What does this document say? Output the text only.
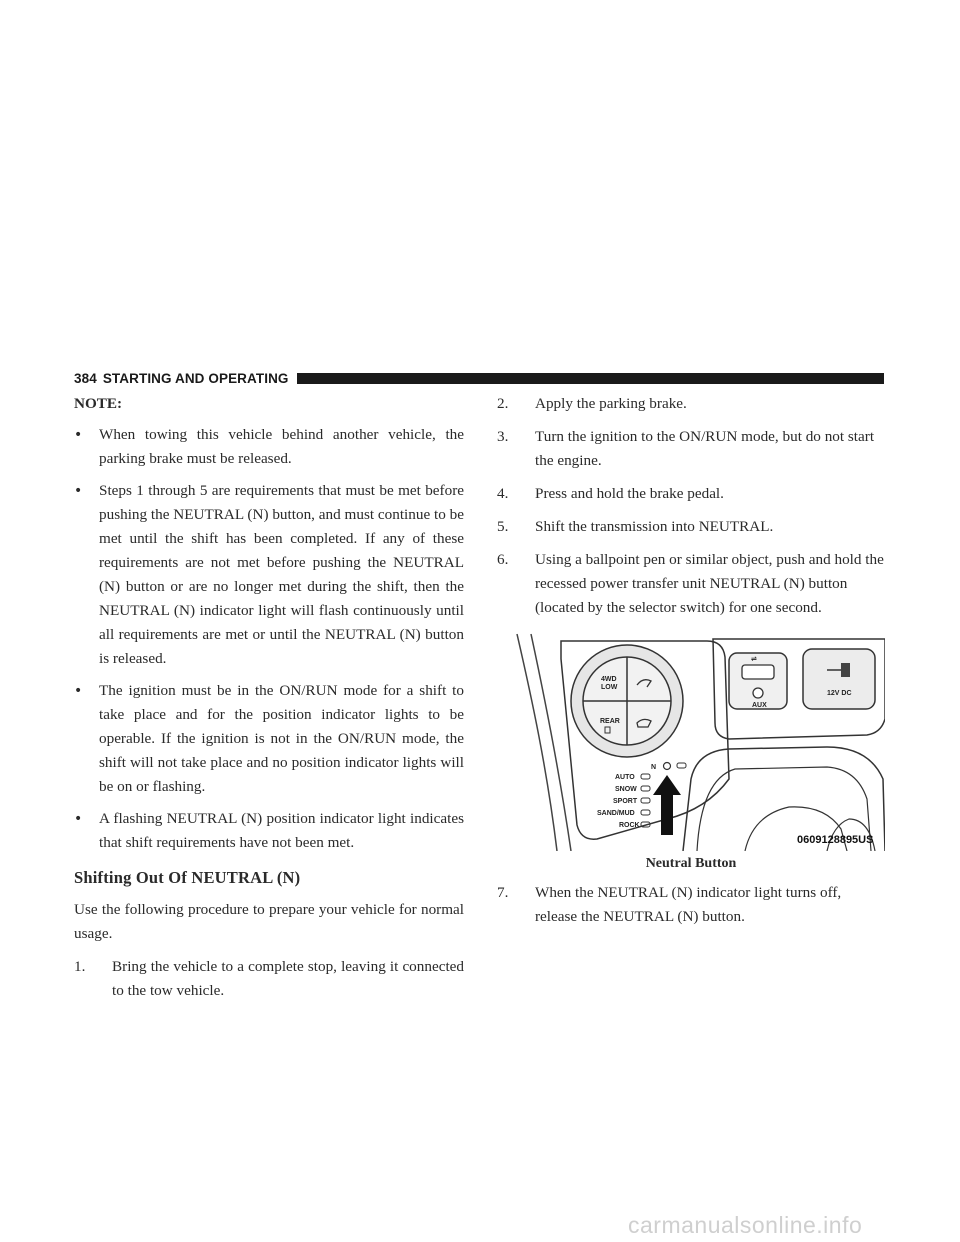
384 STARTING AND OPERATING

NOTE:

•	When towing this vehicle behind another vehicle, the parking brake must be released.
•	Steps 1 through 5 are requirements that must be met before pushing the NEUTRAL (N) button, and must continue to be met until the shift has been completed. If any of these requirements are not met before pushing the NEUTRAL (N) button or are no longer met during the shift, then the NEUTRAL (N) indicator light will flash continuously until all requirements are met or until the NEUTRAL (N) button is released.
•	The ignition must be in the ON/RUN mode for a shift to take place and for the position indicator lights to be operable. If the ignition is not in the ON/RUN mode, the shift will not take place and no position indicator lights will be on or flashing.
•	A flashing NEUTRAL (N) position indicator light indicates that shift requirements have not been met.

Shifting Out Of NEUTRAL (N)

Use the following procedure to prepare your vehicle for normal usage.

1.	Bring the vehicle to a complete stop, leaving it connected to the tow vehicle.
2.	Apply the parking brake.
3.	Turn the ignition to the ON/RUN mode, but do not start the engine.
4.	Press and hold the brake pedal.
5.	Shift the transmission into NEUTRAL.
6.	Using a ballpoint pen or similar object, push and hold the recessed power transfer unit NEUTRAL (N) button (located by the selector switch) for one second.
4WD
LOW
REAR
N
AUTO
SNOW
SPORT
SAND/MUD
ROCK
⇌
AUX
12V DC
0609128895US

Neutral Button

7.	When the NEUTRAL (N) indicator light turns off, release the NEUTRAL (N) button.
carmanualsonline.info
